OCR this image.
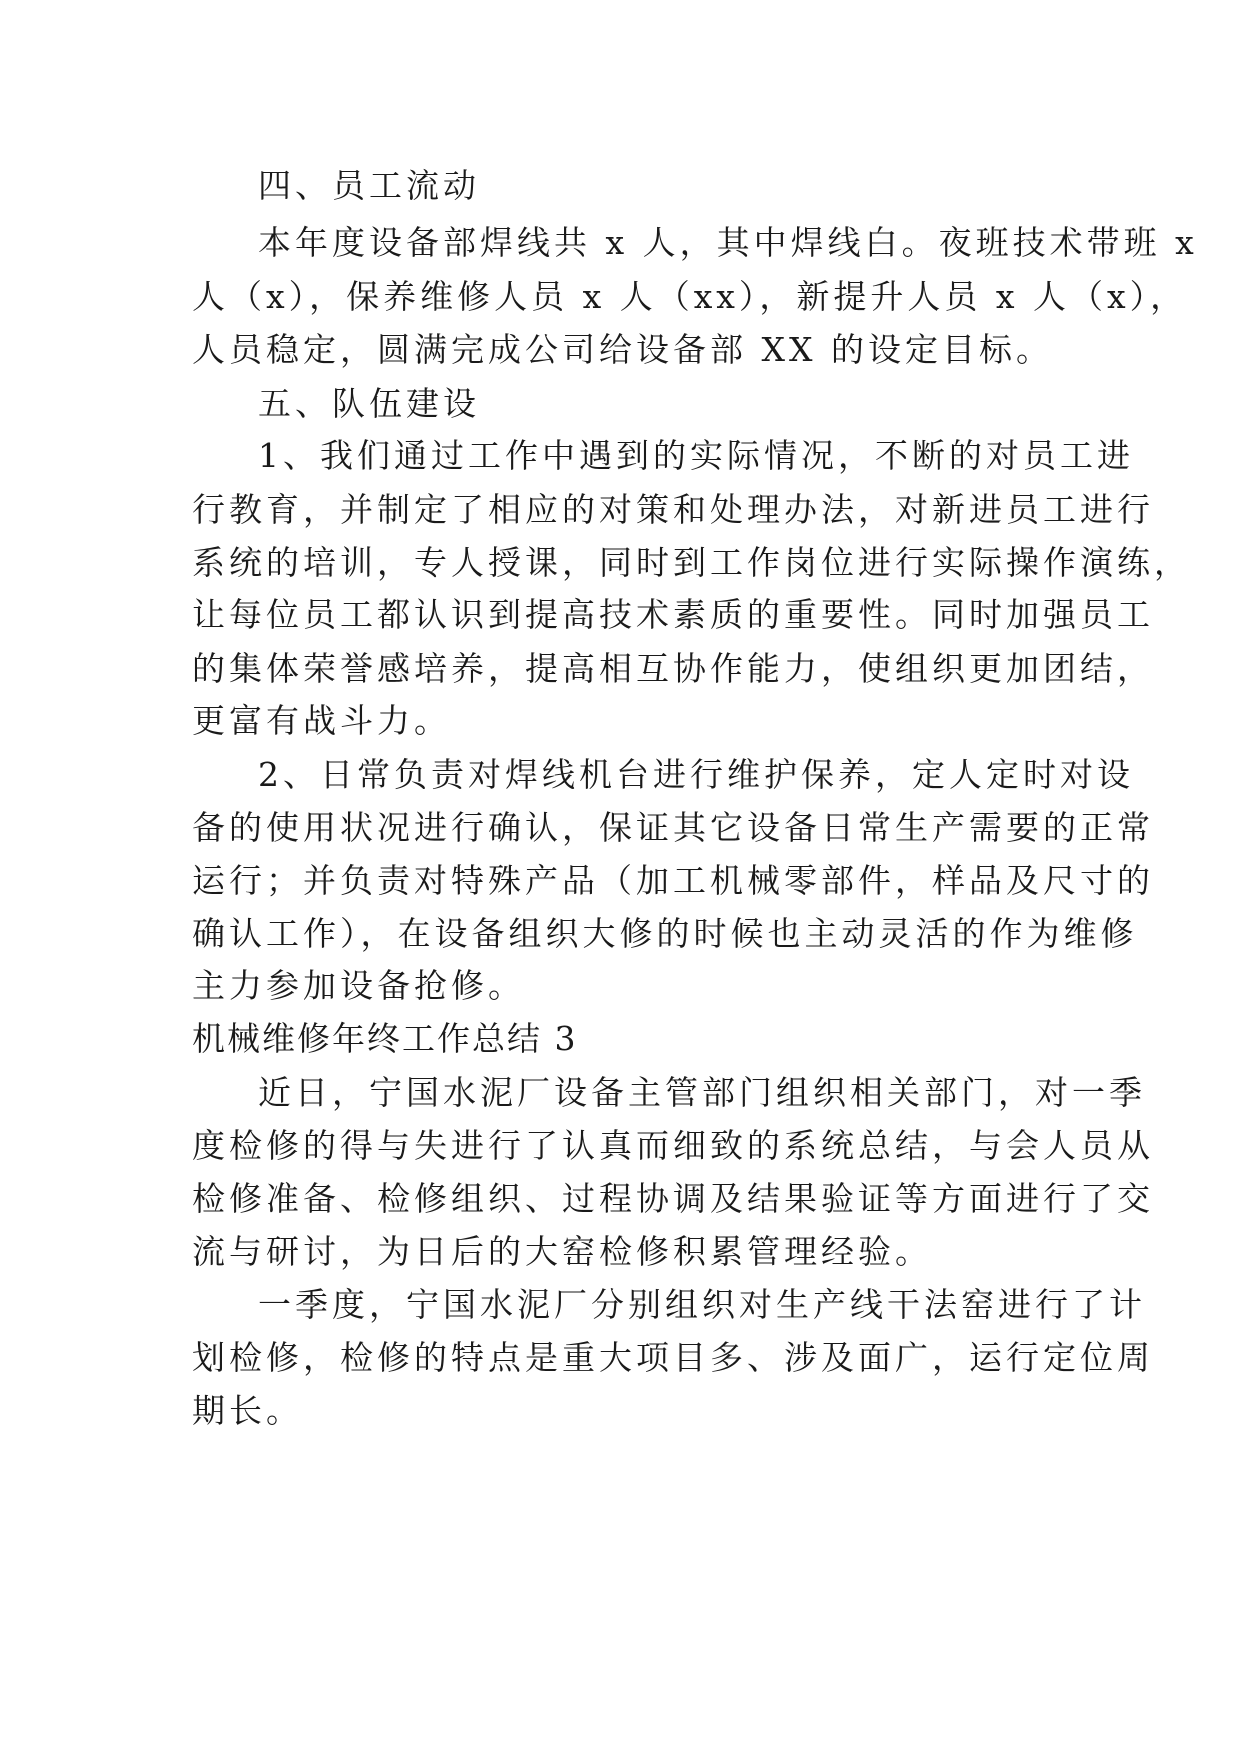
四、员工流动
本年度设备部焊线共 x 人，其中焊线白。夜班技术带班 x
人（x），保养维修人员 x 人（xx），新提升人员 x 人（x），
人员稳定，圆满完成公司给设备部 XX 的设定目标。
五、队伍建设
1、我们通过工作中遇到的实际情况，不断的对员工进
行教育，并制定了相应的对策和处理办法，对新进员工进行
系统的培训，专人授课，同时到工作岗位进行实际操作演练，
让每位员工都认识到提高技术素质的重要性。同时加强员工
的集体荣誉感培养，提高相互协作能力，使组织更加团结，
更富有战斗力。
2、日常负责对焊线机台进行维护保养，定人定时对设
备的使用状况进行确认，保证其它设备日常生产需要的正常
运行；并负责对特殊产品（加工机械零部件，样品及尺寸的
确认工作），在设备组织大修的时候也主动灵活的作为维修
主力参加设备抢修。
机械维修年终工作总结 3
近日，宁国水泥厂设备主管部门组织相关部门，对一季
度检修的得与失进行了认真而细致的系统总结，与会人员从
检修准备、检修组织、过程协调及结果验证等方面进行了交
流与研讨，为日后的大窑检修积累管理经验。
一季度，宁国水泥厂分别组织对生产线干法窑进行了计
划检修，检修的特点是重大项目多、涉及面广，运行定位周
期长。
